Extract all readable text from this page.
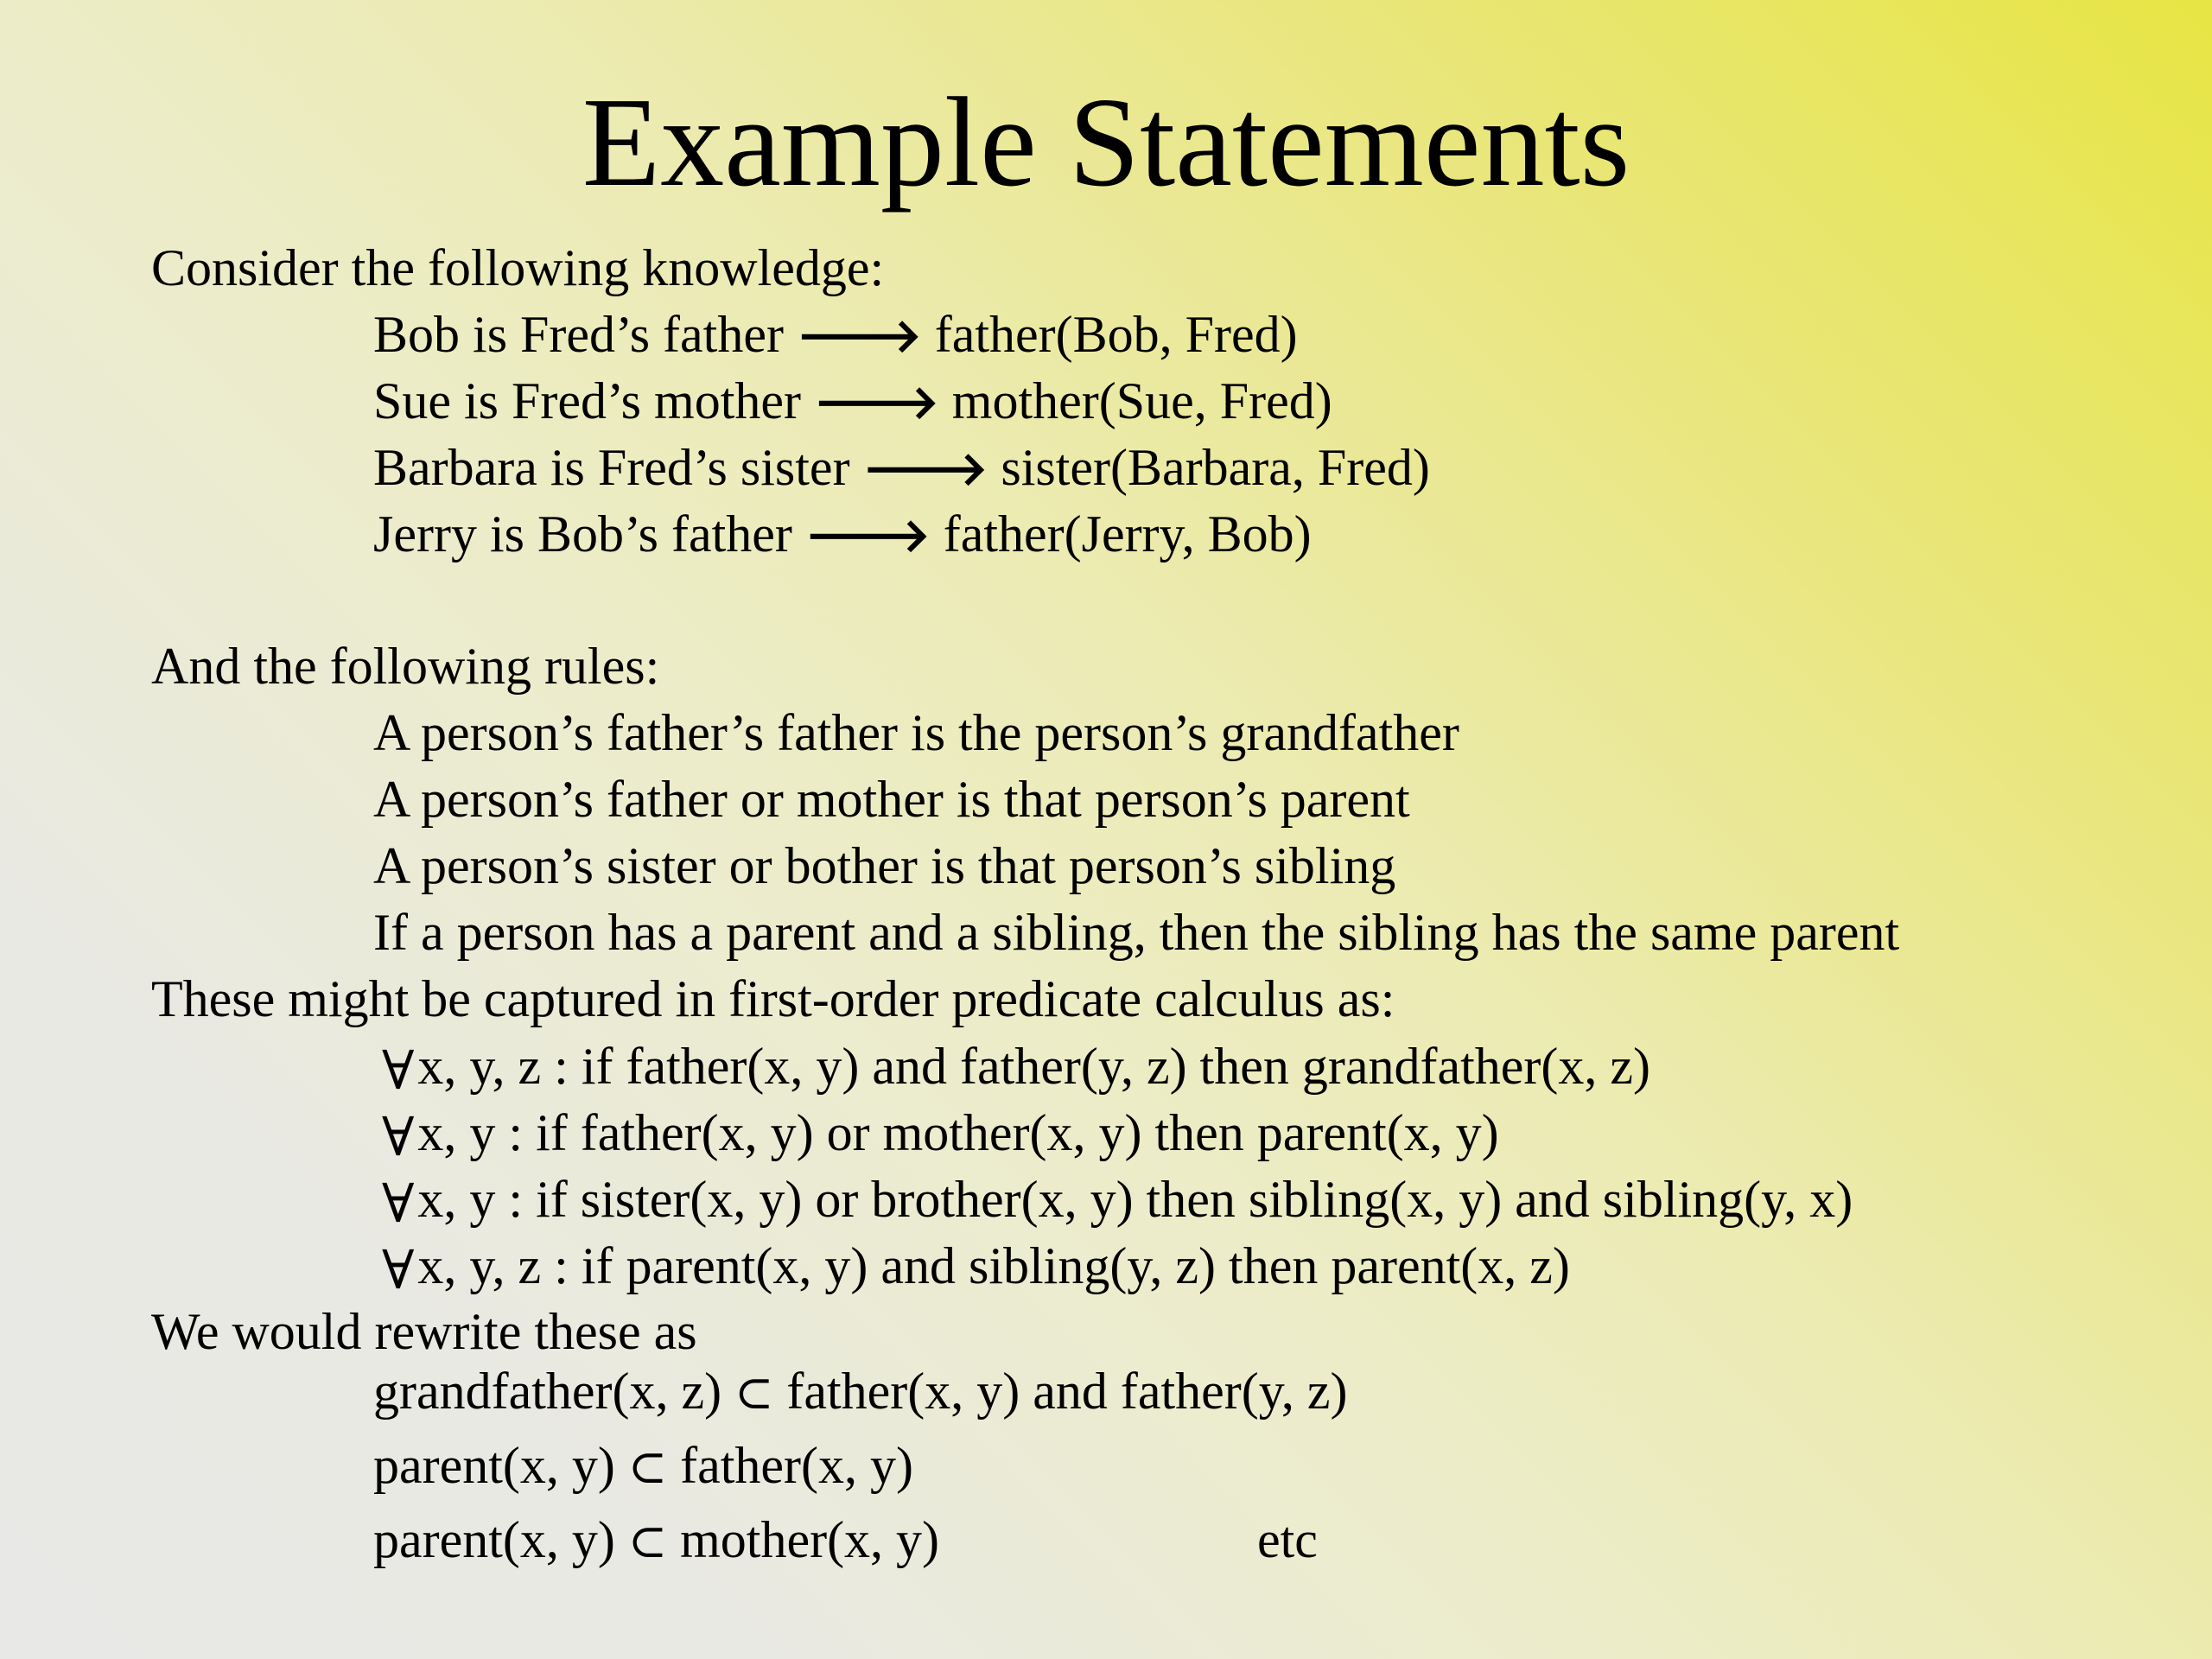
Example Statements
Consider the following knowledge:
Bob is Fred’s father 🡒 father(Bob, Fred)
Sue is Fred’s mother 🡒 mother(Sue, Fred)
Barbara is Fred’s sister 🡒 sister(Barbara, Fred)
Jerry is Bob’s father 🡒 father(Jerry, Bob)
And the following rules:
A person’s father’s father is the person’s grandfather
A person’s father or mother is that person’s parent
A person’s sister or bother is that person’s sibling
If a person has a parent and a sibling, then the sibling has the same parent
These might be captured in first-order predicate calculus as:
∀x, y, z : if father(x, y) and father(y, z) then grandfather(x, z)
∀x, y : if father(x, y) or mother(x, y) then parent(x, y)
∀x, y : if sister(x, y) or brother(x, y) then sibling(x, y) and sibling(y, x)
∀x, y, z : if parent(x, y) and sibling(y, z) then parent(x, z)
We would rewrite these as
grandfather(x, z) ⊂ father(x, y) and father(y, z)
parent(x, y) ⊂ father(x, y)
parent(x, y) ⊂ mother(x, y)	etc
